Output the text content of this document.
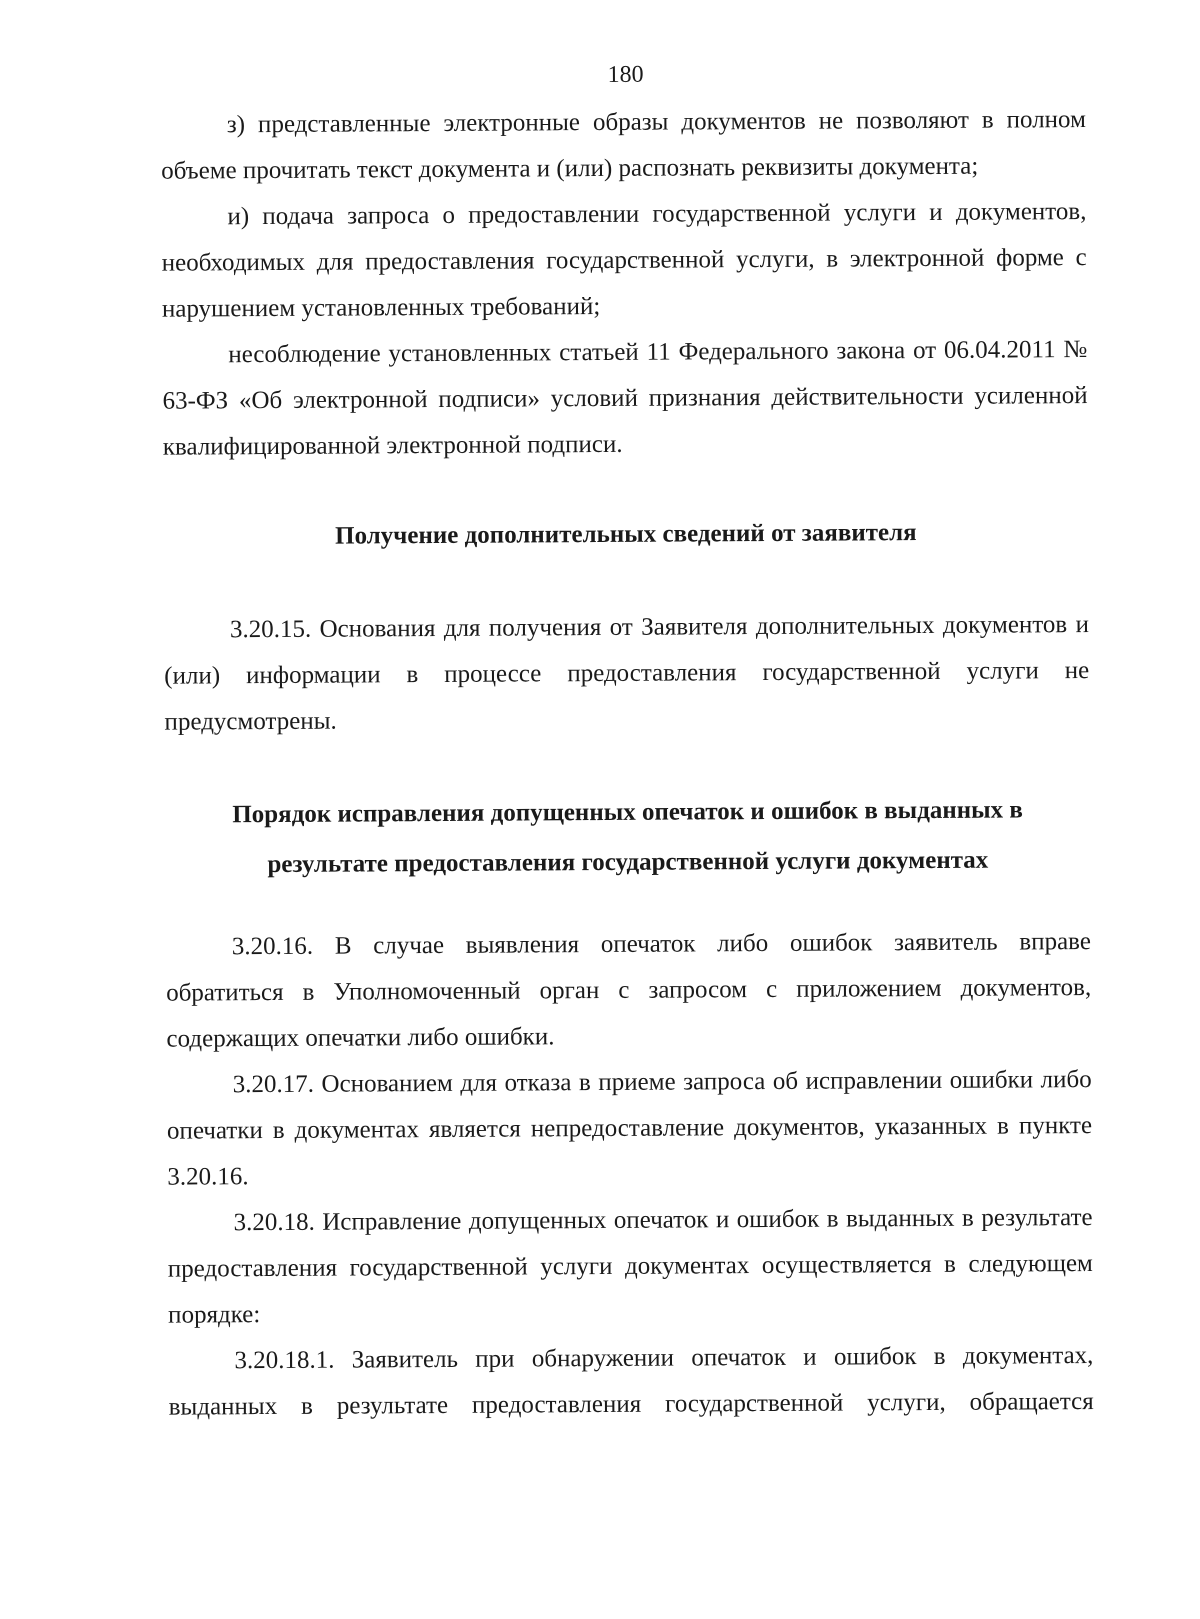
180

з) представленные электронные образы документов не позволяют в полном объеме прочитать текст документа и (или) распознать реквизиты документа;

и) подача запроса о предоставлении государственной услуги и документов, необходимых для предоставления государственной услуги, в электронной форме с нарушением установленных требований;

несоблюдение установленных статьей 11 Федерального закона от 06.04.2011 № 63-ФЗ «Об электронной подписи» условий признания действительности усиленной квалифицированной электронной подписи.

Получение дополнительных сведений от заявителя

3.20.15. Основания для получения от Заявителя дополнительных документов и (или) информации в процессе предоставления государственной услуги не предусмотрены.

Порядок исправления допущенных опечаток и ошибок в выданных в
результате предоставления государственной услуги документах

3.20.16. В случае выявления опечаток либо ошибок заявитель вправе обратиться в Уполномоченный орган с запросом с приложением документов, содержащих опечатки либо ошибки.

3.20.17. Основанием для отказа в приеме запроса об исправлении ошибки либо опечатки в документах является непредоставление документов, указанных в пункте 3.20.16.

3.20.18. Исправление допущенных опечаток и ошибок в выданных в результате предоставления государственной услуги документах осуществляется в следующем порядке:

3.20.18.1. Заявитель при обнаружении опечаток и ошибок в документах, выданных в результате предоставления государственной услуги, обращается
